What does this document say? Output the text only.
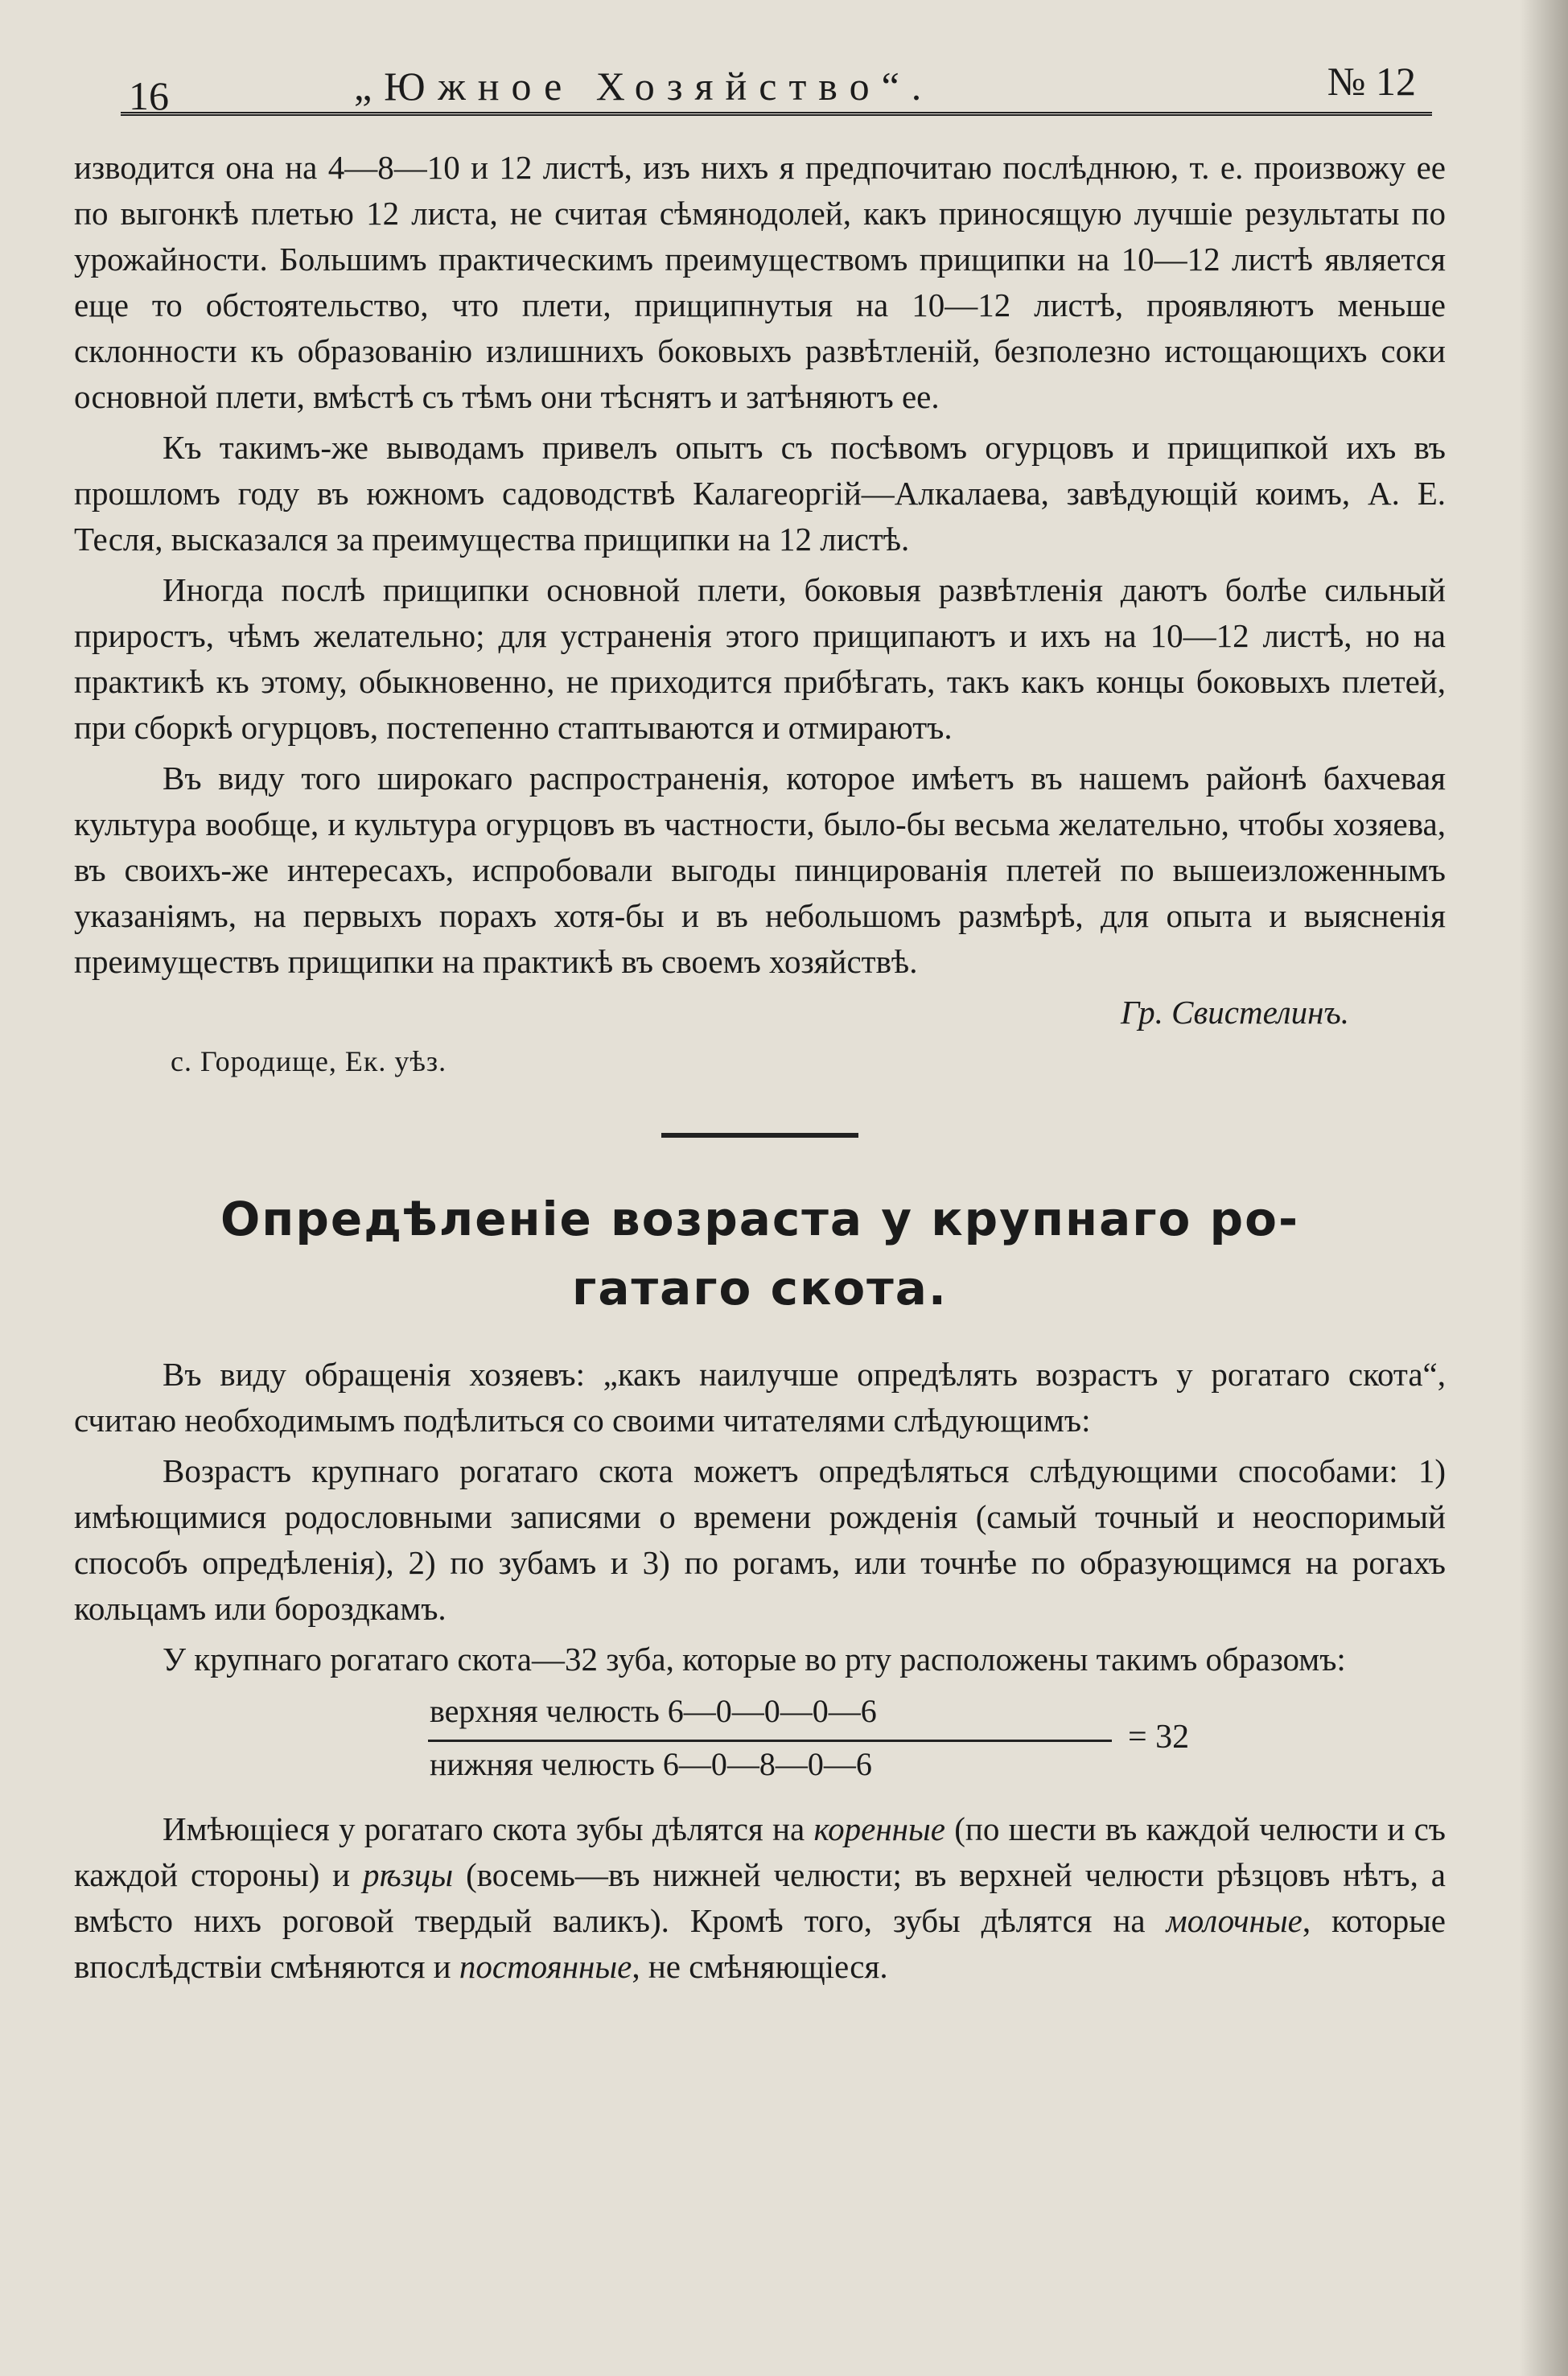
16	„Южное Хозяйство“.	№ 12

изводится она на 4—8—10 и 12 листѣ, изъ нихъ я предпочитаю послѣднюю, т. е. произвожу ее по выгонкѣ плетью 12 листа, не считая сѣмянодолей, какъ приносящую лучшіе результаты по урожайности. Большимъ практическимъ преимуществомъ прищипки на 10—12 листѣ является еще то обстоятельство, что плети, прищипнутыя на 10—12 листѣ, проявляютъ меньше склонности къ образованію излишнихъ боковыхъ развѣтленій, безполезно истощающихъ соки основной плети, вмѣстѣ съ тѣмъ они тѣснятъ и затѣняютъ ее.

Къ такимъ-же выводамъ привелъ опытъ съ посѣвомъ огурцовъ и прищипкой ихъ въ прошломъ году въ южномъ садоводствѣ Калагеоргій—Алкалаева, завѣдующій коимъ, А. Е. Тесля, высказался за преимущества прищипки на 12 листѣ.

Иногда послѣ прищипки основной плети, боковыя развѣтленія даютъ болѣе сильный приростъ, чѣмъ желательно; для устраненія этого прищипаютъ и ихъ на 10—12 листѣ, но на практикѣ къ этому, обыкновенно, не приходится прибѣгать, такъ какъ концы боковыхъ плетей, при сборкѣ огурцовъ, постепенно стаптываются и отмираютъ.

Въ виду того широкаго распространенія, которое имѣетъ въ нашемъ районѣ бахчевая культура вообще, и культура огурцовъ въ частности, было-бы весьма желательно, чтобы хозяева, въ своихъ-же интересахъ, испробовали выгоды пинцированія плетей по вышеизложеннымъ указаніямъ, на первыхъ порахъ хотя-бы и въ небольшомъ размѣрѣ, для опыта и выясненія преимуществъ прищипки на практикѣ въ своемъ хозяйствѣ.

Гр. Свистелинъ.
с. Городище, Ек. уѣз.
Опредѣленіе возраста у крупнаго ро-
гатаго скота.

Въ виду обращенія хозяевъ: „какъ наилучше опредѣлять возрастъ у рогатаго скота“, считаю необходимымъ подѣлиться со своими читателями слѣдующимъ:

Возрастъ крупнаго рогатаго скота можетъ опредѣляться слѣдующими способами: 1) имѣющимися родословными записями о времени рожденія (самый точный и неоспоримый способъ опредѣленія), 2) по зубамъ и 3) по рогамъ, или точнѣе по образующимся на рогахъ кольцамъ или бороздкамъ.

У крупнаго рогатаго скота—32 зуба, которые во рту расположены такимъ образомъ:

верхняя челюсть 6—0—0—0—6
нижняя челюсть 6—0—8—0—6
= 32

Имѣющіеся у рогатаго скота зубы дѣлятся на коренные (по шести въ каждой челюсти и съ каждой стороны) и рѣзцы (восемь—въ нижней челюсти; въ верхней челюсти рѣзцовъ нѣтъ, а вмѣсто нихъ роговой твердый валикъ). Кромѣ того, зубы дѣлятся на молочные, которые впослѣдствіи смѣняются и постоянные, не смѣняющіеся.
